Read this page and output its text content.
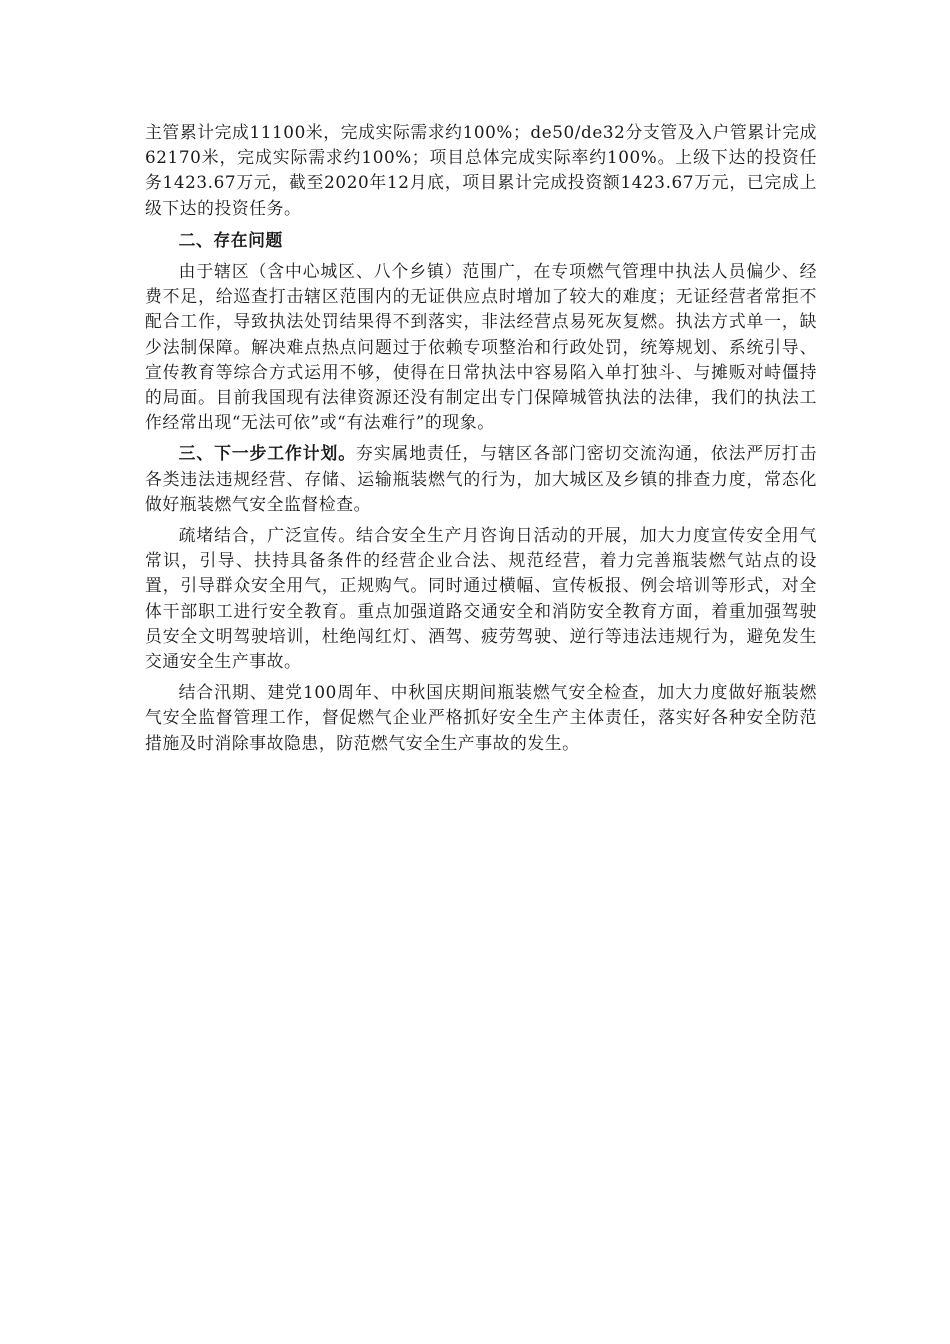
主管累计完成11100米，完成实际需求约100%；de50/de32分支管及入户管累计完成62170米，完成实际需求约100%；项目总体完成实际率约100%。上级下达的投资任务1423.67万元，截至2020年12月底，项目累计完成投资额1423.67万元，已完成上级下达的投资任务。

二、存在问题

由于辖区（含中心城区、八个乡镇）范围广，在专项燃气管理中执法人员偏少、经费不足，给巡查打击辖区范围内的无证供应点时增加了较大的难度；无证经营者常拒不配合工作，导致执法处罚结果得不到落实，非法经营点易死灰复燃。执法方式单一，缺少法制保障。解决难点热点问题过于依赖专项整治和行政处罚，统筹规划、系统引导、宣传教育等综合方式运用不够，使得在日常执法中容易陷入单打独斗、与摊贩对峙僵持的局面。目前我国现有法律资源还没有制定出专门保障城管执法的法律，我们的执法工作经常出现“无法可依”或“有法难行”的现象。

三、下一步工作计划。夯实属地责任，与辖区各部门密切交流沟通，依法严厉打击各类违法违规经营、存储、运输瓶装燃气的行为，加大城区及乡镇的排查力度，常态化做好瓶装燃气安全监督检查。

疏堵结合，广泛宣传。结合安全生产月咨询日活动的开展，加大力度宣传安全用气常识，引导、扶持具备条件的经营企业合法、规范经营，着力完善瓶装燃气站点的设置，引导群众安全用气，正规购气。同时通过横幅、宣传板报、例会培训等形式，对全体干部职工进行安全教育。重点加强道路交通安全和消防安全教育方面，着重加强驾驶员安全文明驾驶培训，杜绝闯红灯、酒驾、疲劳驾驶、逆行等违法违规行为，避免发生交通安全生产事故。

结合汛期、建党100周年、中秋国庆期间瓶装燃气安全检查，加大力度做好瓶装燃气安全监督管理工作，督促燃气企业严格抓好安全生产主体责任，落实好各种安全防范措施及时消除事故隐患，防范燃气安全生产事故的发生。
